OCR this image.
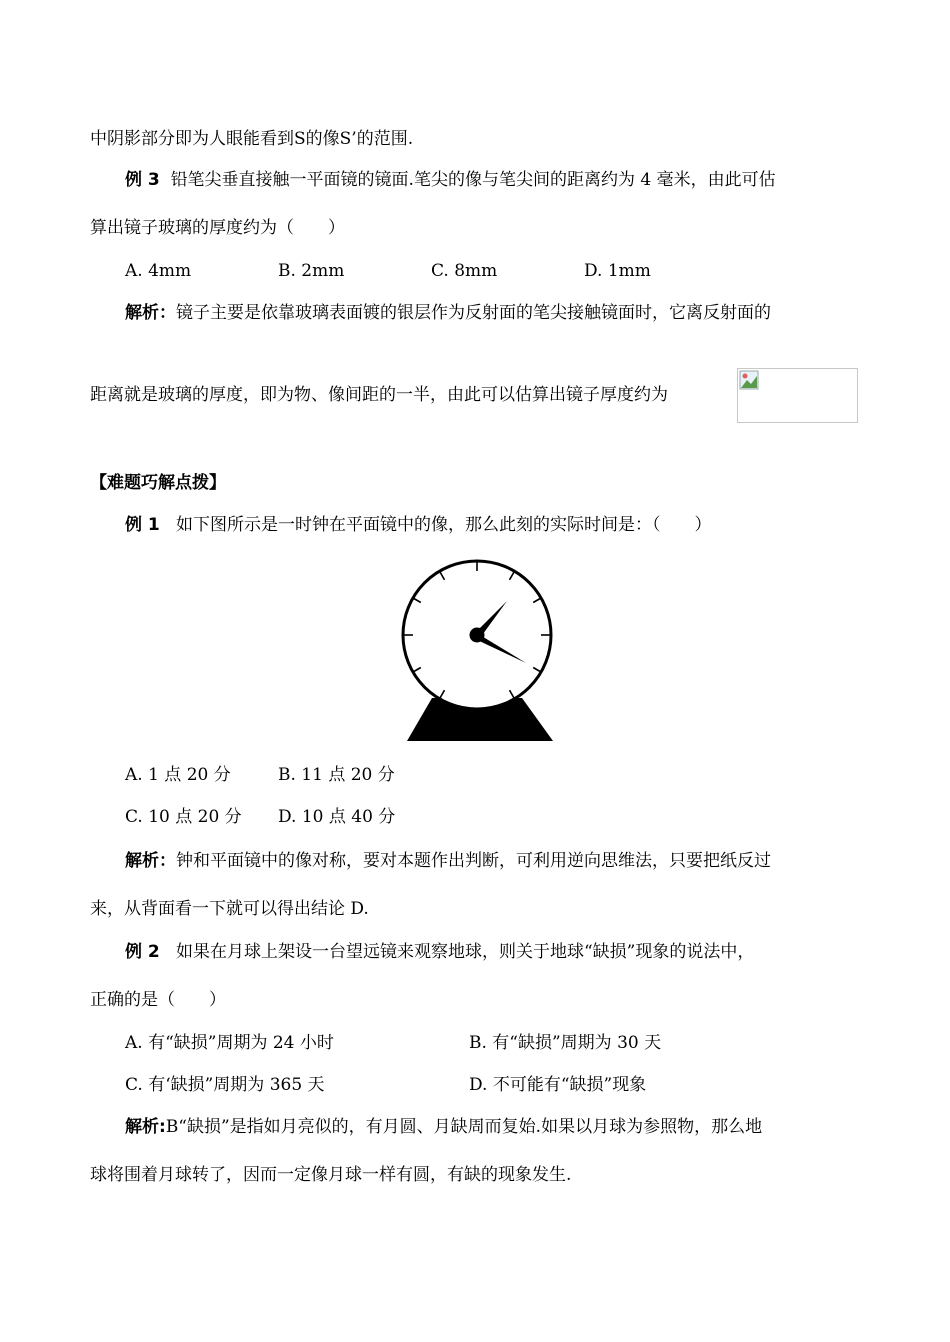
中阴影部分即为人眼能看到S的像S’的范围.
例 3 铅笔尖垂直接触一平面镜的镜面.笔尖的像与笔尖间的距离约为 4 毫米，由此可估
算出镜子玻璃的厚度约为（　　）
A. 4mm	B. 2mm	C. 8mm	D. 1mm
解析：镜子主要是依靠玻璃表面镀的银层作为反射面的笔尖接触镜面时，它离反射面的
距离就是玻璃的厚度，即为物、像间距的一半，由此可以估算出镜子厚度约为
【难题巧解点拨】
例 1 如下图所示是一时钟在平面镜中的像，那么此刻的实际时间是：（　　）
A. 1 点 20 分	B. 11 点 20 分
C. 10 点 20 分 D. 10 点 40 分
解析：钟和平面镜中的像对称，要对本题作出判断，可利用逆向思维法，只要把纸反过
来，从背面看一下就可以得出结论 D.
例 2 如果在月球上架设一台望远镜来观察地球，则关于地球“缺损”现象的说法中，
正确的是（　　）
A. 有“缺损”周期为 24 小时	B. 有“缺损”周期为 30 天
C. 有‘缺损”周期为 365 天	D. 不可能有“缺损”现象
解析:B“缺损”是指如月亮似的，有月圆、月缺周而复始.如果以月球为参照物，那么地
球将围着月球转了，因而一定像月球一样有圆，有缺的现象发生.
